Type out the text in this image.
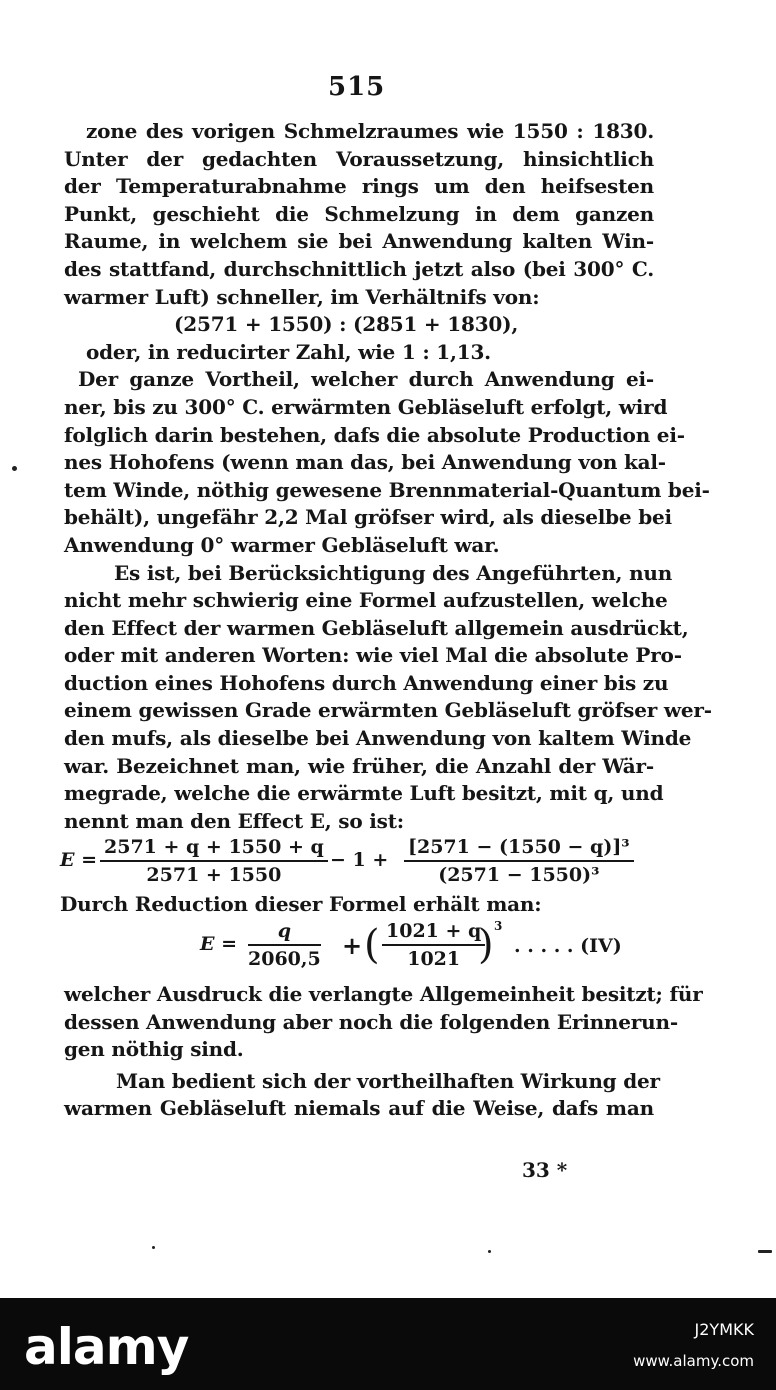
515
zone des vorigen Schmelzraumes wie 1550 : 1830.
Unter der gedachten Voraussetzung, hinsichtlich
der Temperaturabnahme rings um den heifsesten
Punkt, geschieht die Schmelzung in dem ganzen
Raume, in welchem sie bei Anwendung kalten Win-
des stattfand, durchschnittlich jetzt also (bei 300° C.
warmer Luft) schneller, im Verhältnifs von:
(2571 + 1550) : (2851 + 1830),
oder, in reducirter Zahl, wie 1 : 1,13.
Der ganze Vortheil, welcher durch Anwendung ei-
ner, bis zu 300° C. erwärmten Gebläseluft erfolgt, wird
folglich darin bestehen, dafs die absolute Production ei-
nes Hohofens (wenn man das, bei Anwendung von kal-
tem Winde, nöthig gewesene Brennmaterial-Quantum bei-
behält), ungefähr 2,2 Mal gröfser wird, als dieselbe bei
Anwendung 0° warmer Gebläseluft war.
Es ist, bei Berücksichtigung des Angeführten, nun
nicht mehr schwierig eine Formel aufzustellen, welche
den Effect der warmen Gebläseluft allgemein ausdrückt,
oder mit anderen Worten: wie viel Mal die absolute Pro-
duction eines Hohofens durch Anwendung einer bis zu
einem gewissen Grade erwärmten Gebläseluft gröfser wer-
den mufs, als dieselbe bei Anwendung von kaltem Winde
war. Bezeichnet man, wie früher, die Anzahl der Wär-
megrade, welche die erwärmte Luft besitzt, mit q, und
nennt man den Effect E, so ist:
$E = \frac{2571 + q + 1550 + q}{2571 + 1550} - 1 + \frac{\text{[2571 − (1550 − q)]³}}{\text{(2571 − 1550)³}}$
Durch Reduction dieser Formel erhält man:
$E = \frac{q}{2060,5}$ + ( $\frac{1021 + q}{1021}$
) 3
. . . . . (IV)
welcher Ausdruck die verlangte Allgemeinheit besitzt; für
dessen Anwendung aber noch die folgenden Erinnerun-
gen nöthig sind.
Man bedient sich der vortheilhaften Wirkung der
warmen Gebläseluft niemals auf die Weise, dafs man
33 *
alamy	J2YMKK
www.alamy.com
